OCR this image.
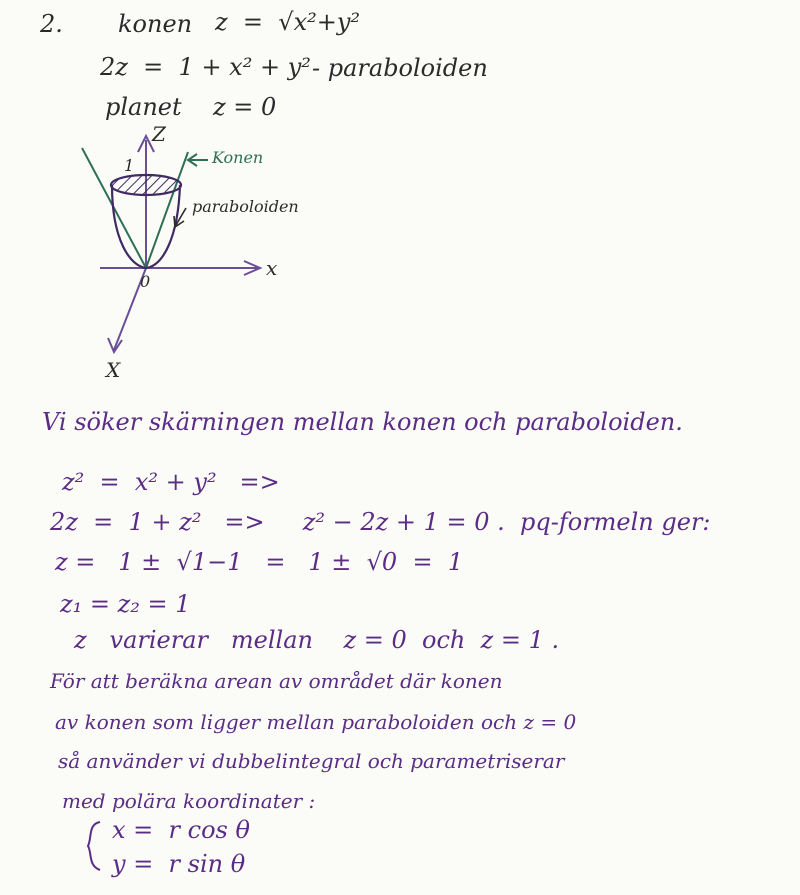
2. konen z  =  √x²+y²
2z  =  1 + x² + y² - paraboloiden
planet z = 0
Z
1	Konen
paraboloiden
x
0
X
Vi söker skärningen mellan konen och paraboloiden.
z²  =  x² + y²   =>
2z  =  1 + z²   =>     z² − 2z + 1 = 0 .  pq-formeln ger:
z =   1 ±  √1−1   =   1 ±  √0  =  1
z₁ = z₂ = 1
z   varierar   mellan    z = 0  och  z = 1 .
För att beräkna arean av området där konen
av konen som ligger mellan paraboloiden och z = 0
så använder vi dubbelintegral och parametriserar
med polära koordinater :
x =  r cos θ
y =  r sin θ
